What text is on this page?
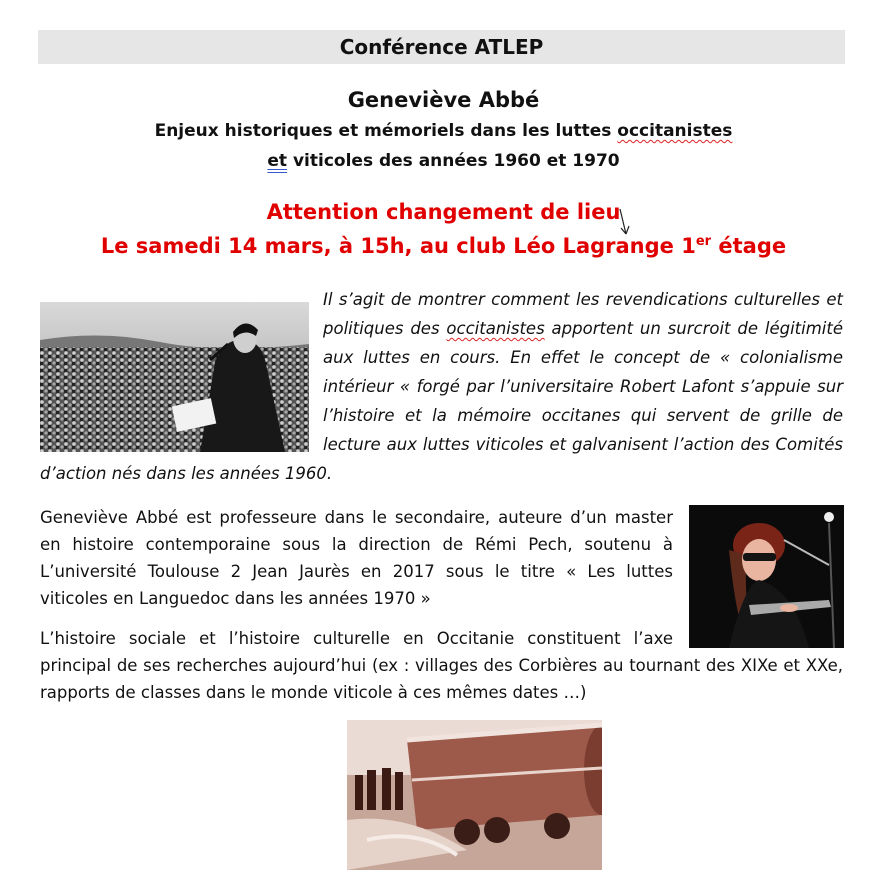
Conférence ATLEP
Geneviève Abbé
Enjeux historiques et mémoriels dans les luttes occitanistes
et viticoles des années 1960 et 1970
Attention changement de lieu
Le samedi 14 mars, à 15h, au club Léo Lagrange 1er étage
Il s’agit de montrer comment les revendications culturelles et politiques des occitanistes apportent un surcroit de légitimité aux luttes en cours. En effet le concept de « colonialisme intérieur « forgé par l’universitaire Robert Lafont s’appuie sur l’histoire et la mémoire occitanes qui servent de grille de lecture aux luttes viticoles et galvanisent l’action des Comités d’action nés dans les années 1960.
Geneviève Abbé est professeure dans le secondaire, auteure d’un master en histoire contemporaine sous la direction de Rémi Pech, soutenu à L’université Toulouse 2 Jean Jaurès en 2017 sous le titre « Les luttes viticoles en Languedoc dans les années 1970 »
L’histoire sociale et l’histoire culturelle en Occitanie constituent l’axe principal de ses recherches aujourd’hui (ex : villages des Corbières au tournant des XIXe et XXe, rapports de classes dans le monde viticole à ces mêmes dates …)
